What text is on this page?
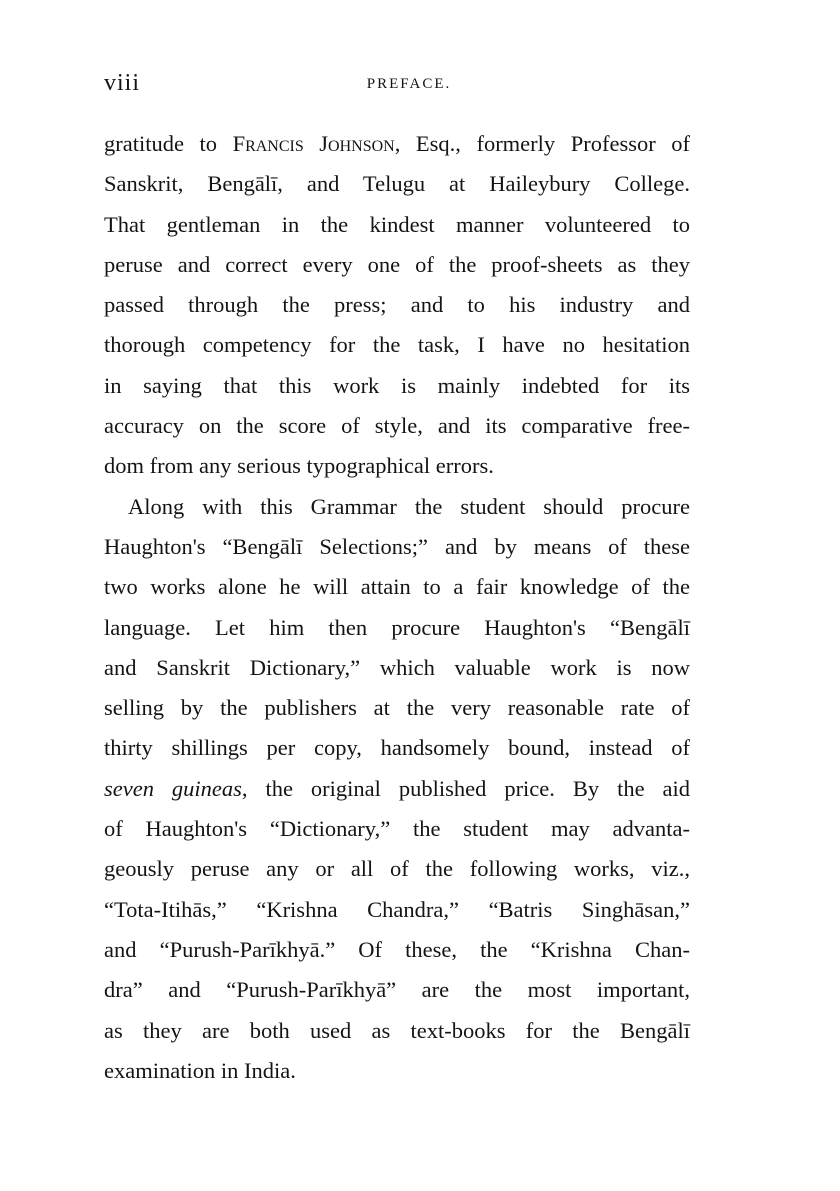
viii	PREFACE.
gratitude to Francis Johnson, Esq., formerly Professor of
Sanskrit, Bengālī, and Telugu at Haileybury College.
That gentleman in the kindest manner volunteered to
peruse and correct every one of the proof-sheets as they
passed through the press; and to his industry and
thorough competency for the task, I have no hesitation
in saying that this work is mainly indebted for its
accuracy on the score of style, and its comparative free-
dom from any serious typographical errors.
Along with this Grammar the student should procure
Haughton's “Bengālī Selections;” and by means of these
two works alone he will attain to a fair knowledge of the
language. Let him then procure Haughton's “Bengālī
and Sanskrit Dictionary,” which valuable work is now
selling by the publishers at the very reasonable rate of
thirty shillings per copy, handsomely bound, instead of
seven guineas, the original published price. By the aid
of Haughton's “Dictionary,” the student may advanta-
geously peruse any or all of the following works, viz.,
“Tota-Itihās,” “Krishna Chandra,” “Batris Singhāsan,”
and “Purush-Parīkhyā.” Of these, the “Krishna Chan-
dra” and “Purush-Parīkhyā” are the most important,
as they are both used as text-books for the Bengālī
examination in India.
